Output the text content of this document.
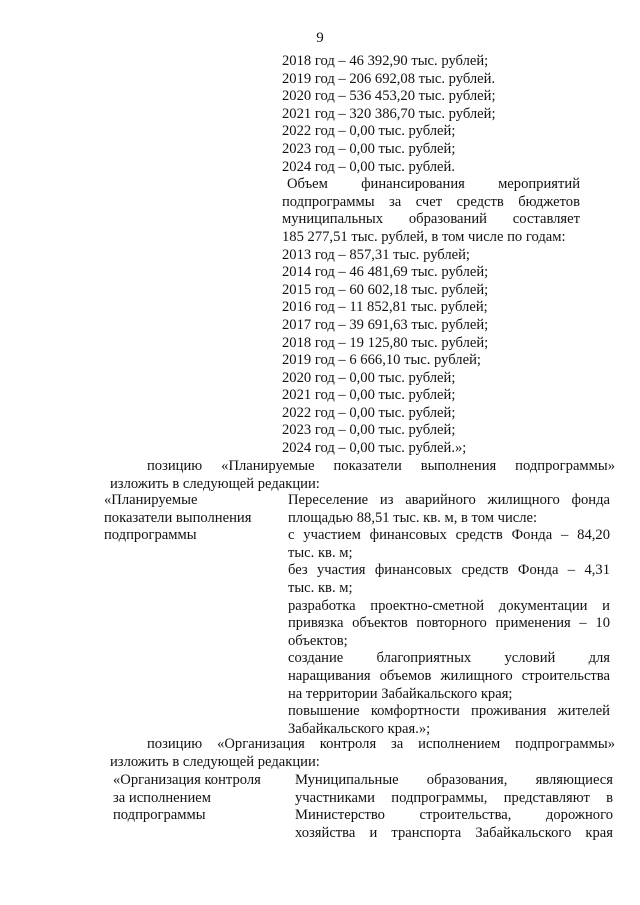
9
2018 год – 46 392,90 тыс. рублей;
2019 год – 206 692,08 тыс. рублей.
2020 год – 536 453,20 тыс. рублей;
2021 год – 320 386,70 тыс. рублей;
2022 год – 0,00 тыс. рублей;
2023 год – 0,00 тыс. рублей;
2024 год – 0,00 тыс. рублей.
Объем финансирования мероприятий
подпрограммы за счет средств бюджетов
муниципальных образований составляет
185 277,51 тыс. рублей, в том числе по годам:
2013 год – 857,31 тыс. рублей;
2014 год – 46 481,69 тыс. рублей;
2015 год – 60 602,18 тыс. рублей;
2016 год – 11 852,81 тыс. рублей;
2017 год – 39 691,63 тыс. рублей;
2018 год – 19 125,80 тыс. рублей;
2019 год – 6 666,10 тыс. рублей;
2020 год – 0,00 тыс. рублей;
2021 год – 0,00 тыс. рублей;
2022 год – 0,00 тыс. рублей;
2023 год – 0,00 тыс. рублей;
2024 год – 0,00 тыс. рублей.»;
позицию «Планируемые показатели выполнения подпрограммы»
изложить в следующей редакции:
«Планируемые
показатели выполнения
подпрограммы
Переселение из аварийного жилищного фонда
площадью 88,51 тыс. кв. м, в том числе:
с участием финансовых средств Фонда – 84,20
тыс. кв. м;
без участия финансовых средств Фонда – 4,31
тыс. кв. м;
разработка проектно-сметной документации и
привязка объектов повторного применения – 10
объектов;
создание благоприятных условий для
наращивания объемов жилищного строительства
на территории Забайкальского края;
повышение комфортности проживания жителей
Забайкальского края.»;
позицию «Организация контроля за исполнением подпрограммы»
изложить в следующей редакции:
«Организация контроля
за исполнением
подпрограммы
Муниципальные образования, являющиеся
участниками подпрограммы, представляют в
Министерство строительства, дорожного
хозяйства и транспорта Забайкальского края
